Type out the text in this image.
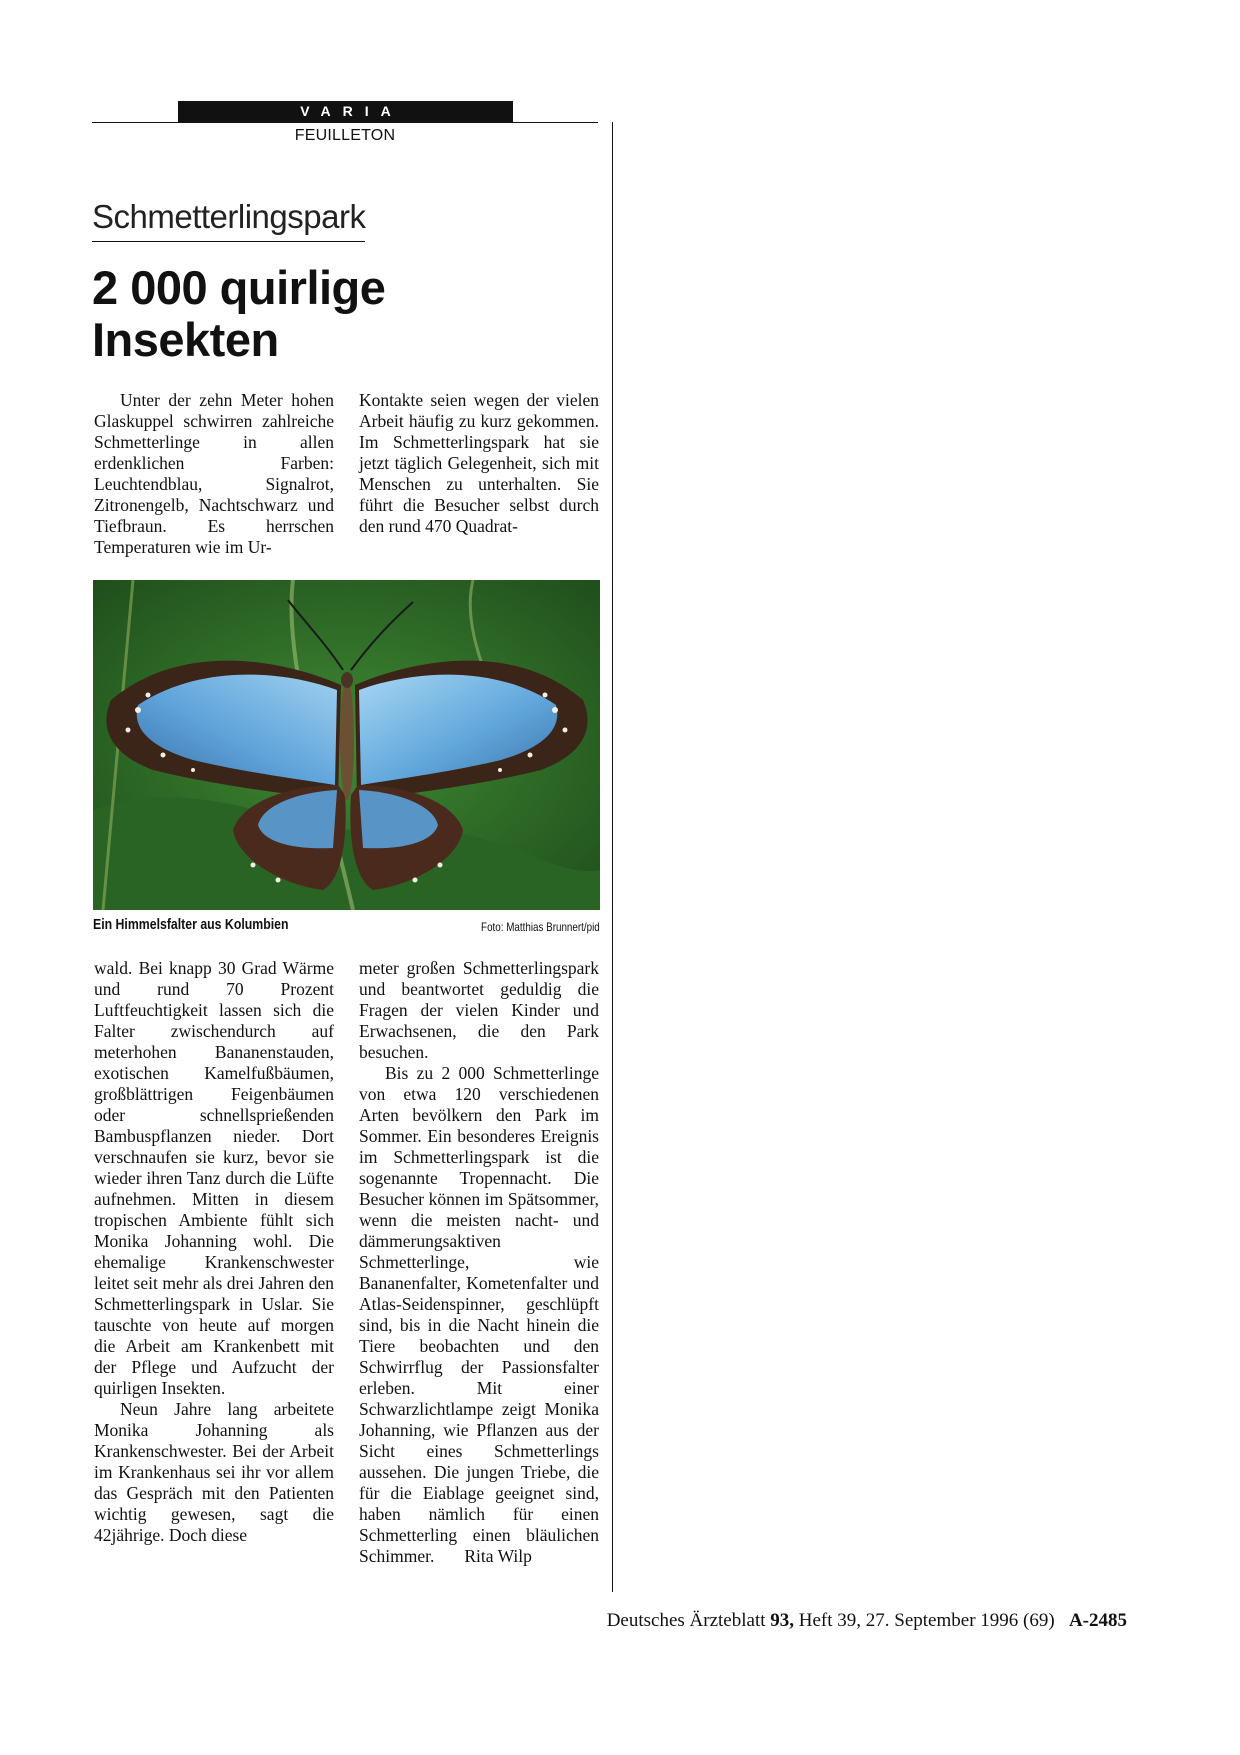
VARIA
FEUILLETON
Schmetterlingspark
2 000 quirlige
Insekten

Unter der zehn Meter hohen Glaskuppel schwirren zahlreiche Schmetterlinge in allen erdenklichen Farben: Leuchtendblau, Signalrot, Zitronengelb, Nachtschwarz und Tiefbraun. Es herrschen Temperaturen wie im Ur-

Kontakte seien wegen der vielen Arbeit häufig zu kurz gekommen. Im Schmetterlingspark hat sie jetzt täglich Gelegenheit, sich mit Menschen zu unterhalten. Sie führt die Besucher selbst durch den rund 470 Quadrat-

Ein Himmelsfalter aus Kolumbien	Foto: Matthias Brunnert/pid

wald. Bei knapp 30 Grad Wärme und rund 70 Prozent Luftfeuchtigkeit lassen sich die Falter zwischendurch auf meterhohen Bananenstauden, exotischen Kamelfußbäumen, großblättrigen Feigenbäumen oder schnellsprießenden Bambuspflanzen nieder. Dort verschnaufen sie kurz, bevor sie wieder ihren Tanz durch die Lüfte aufnehmen. Mitten in diesem tropischen Ambiente fühlt sich Monika Johanning wohl. Die ehemalige Krankenschwester leitet seit mehr als drei Jahren den Schmetterlingspark in Uslar. Sie tauschte von heute auf morgen die Arbeit am Krankenbett mit der Pflege und Aufzucht der quirligen Insekten.

Neun Jahre lang arbeitete Monika Johanning als Krankenschwester. Bei der Arbeit im Krankenhaus sei ihr vor allem das Gespräch mit den Patienten wichtig gewesen, sagt die 42jährige. Doch diese

meter großen Schmetterlingspark und beantwortet geduldig die Fragen der vielen Kinder und Erwachsenen, die den Park besuchen.

Bis zu 2 000 Schmetterlinge von etwa 120 verschiedenen Arten bevölkern den Park im Sommer. Ein besonderes Ereignis im Schmetterlingspark ist die sogenannte Tropennacht. Die Besucher können im Spätsommer, wenn die meisten nacht- und dämmerungsaktiven Schmetterlinge, wie Bananenfalter, Kometenfalter und Atlas-Seidenspinner, geschlüpft sind, bis in die Nacht hinein die Tiere beobachten und den Schwirrflug der Passionsfalter erleben. Mit einer Schwarzlichtlampe zeigt Monika Johanning, wie Pflanzen aus der Sicht eines Schmetterlings aussehen. Die jungen Triebe, die für die Eiablage geeignet sind, haben nämlich für einen Schmetterling einen bläulichen Schimmer. Rita Wilp

Deutsches Ärzteblatt 93, Heft 39, 27. September 1996 (69) A-2485
